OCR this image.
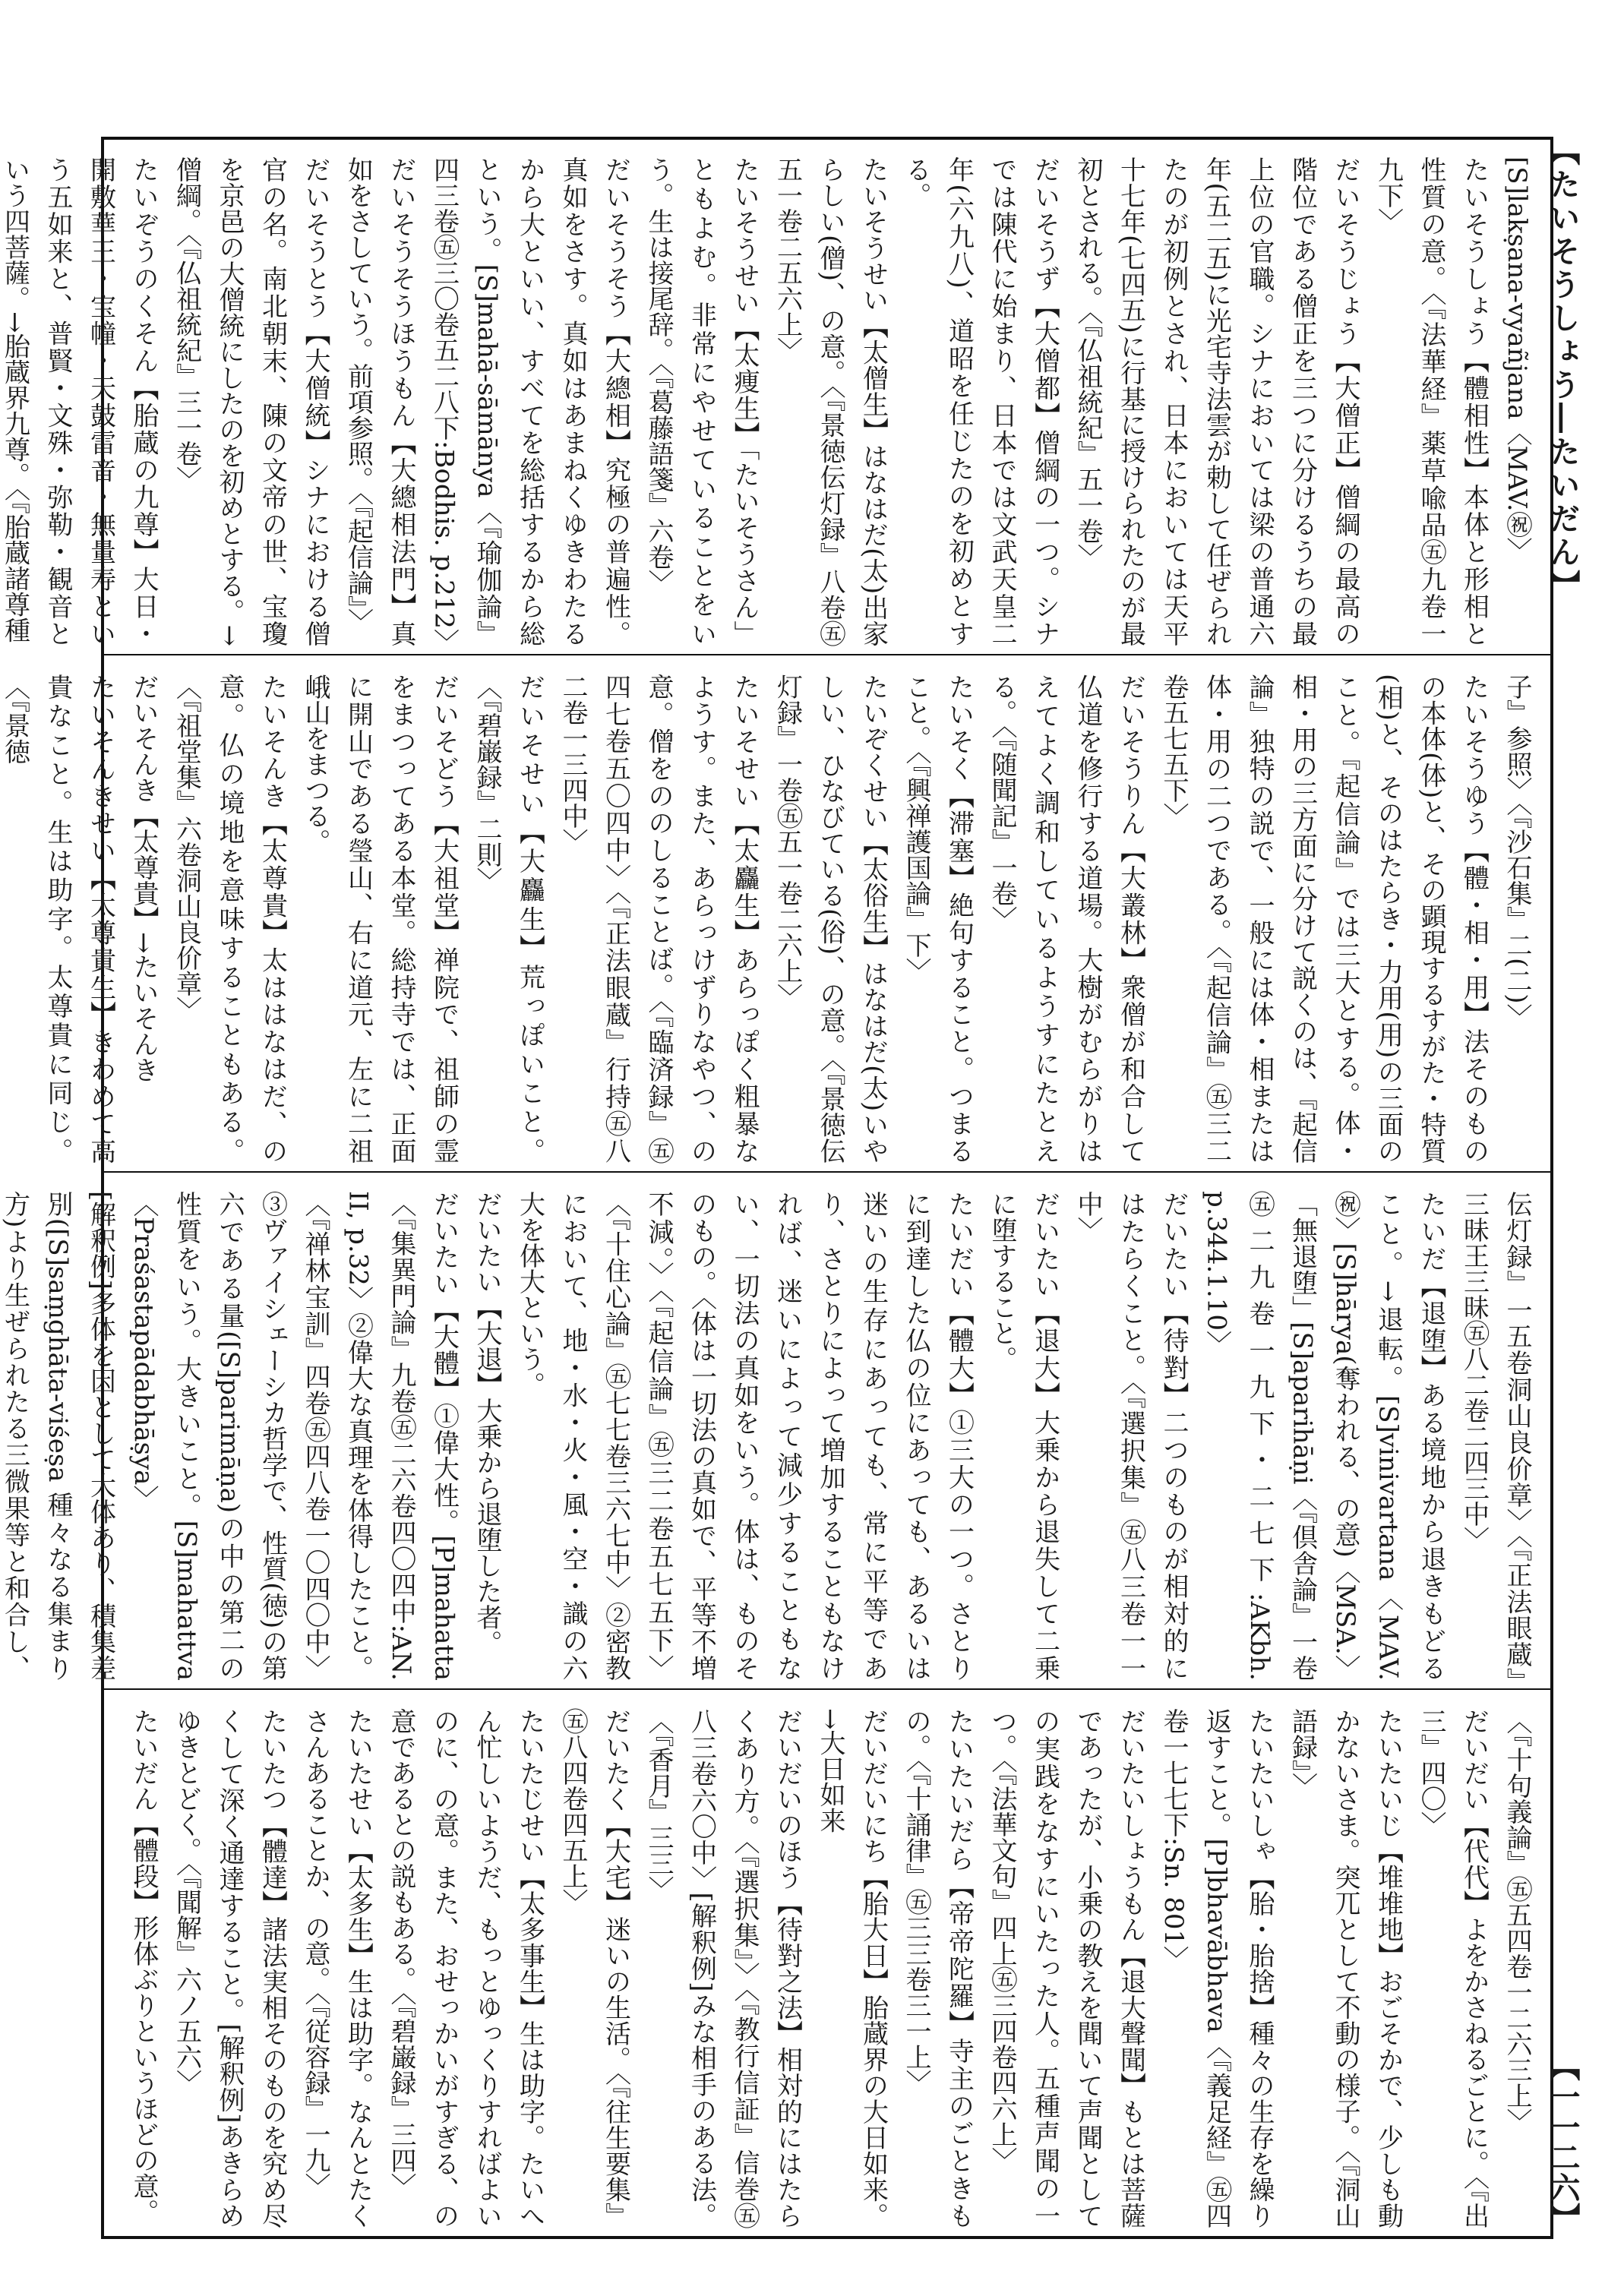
【たいそうしょう―たいだん】
[S]lakṣana-vyañjana〈MAV.㊗〉
たいそうしょう【體相性】本体と形相と性質の意。〈『法華経』薬草喩品㊄九卷一九下〉
だいそうじょう【大僧正】僧綱の最高の階位である僧正を三つに分けるうちの最上位の官職。シナにおいては梁の普通六年(五二五)に光宅寺法雲が勅して任ぜられたのが初例とされ、日本においては天平十七年(七四五)に行基に授けられたのが最初とされる。〈『仏祖統紀』五一卷〉
だいそうず【大僧都】僧綱の一つ。シナでは陳代に始まり、日本では文武天皇二年(六九八)、道昭を任じたのを初めとする。
たいそうせい【太僧生】はなはだ(太)出家らしい(僧)、の意。〈『景徳伝灯録』八卷㊄五一卷二五六上〉
たいそうせい【太痩生】「たいそうさん」ともよむ。非常にやせていることをいう。生は接尾辞。〈『葛藤語箋』六卷〉
だいそうそう【大總相】究極の普遍性。真如をさす。真如はあまねくゆきわたるから大といい、すべてを総括するから総という。[S]mahā-sāmānya〈『瑜伽論』四三卷㊄三〇卷五二八下:Bodhis. p.212〉
だいそうそうほうもん【大總相法門】真如をさしていう。前項参照。〈『起信論』〉
だいそうとう【大僧統】シナにおける僧官の名。南北朝末、陳の文帝の世、宝瓊を京邑の大僧統にしたのを初めとする。→僧綱。〈『仏祖統紀』三一卷〉
たいぞうのくそん【胎蔵の九尊】大日・開敷華王・宝幢・天鼓雷音・無量寿という五如来と、普賢・文殊・弥勒・観音という四菩薩。→胎蔵界九尊。〈『胎蔵諸尊種
子』参照〉〈『沙石集』二(二)〉
たいそうゆう【體・相・用】法そのものの本体(体)と、その顕現するすがた・特質(相)と、そのはたらき・力用(用)の三面のこと。『起信論』では三大とする。体・相・用の三方面に分けて説くのは、『起信論』独特の説で、一般には体・相または体・用の二つである。〈『起信論』㊄三二卷五七五下〉
だいそうりん【大叢林】衆僧が和合して仏道を修行する道場。大樹がむらがりはえてよく調和しているようすにたとえる。〈『随聞記』一卷〉
たいそく【滞塞】絶句すること。つまること。〈『興禅護国論』下〉
たいぞくせい【太俗生】はなはだ(太)いやしい、ひなびている(俗)、の意。〈『景徳伝灯録』一卷㊄五一卷二六上〉
たいそせい【太麤生】あらっぽく粗暴なようす。また、あらっけずりなやつ、の意。僧をののしることば。〈『臨済録』㊄四七卷五〇四中〉〈『正法眼蔵』行持㊄八二卷一三四中〉
だいそせい【大麤生】荒っぽいこと。〈『碧巌録』二則〉
だいそどう【大祖堂】禅院で、祖師の霊をまつってある本堂。総持寺では、正面に開山である瑩山、右に道元、左に二祖峨山をまつる。
たいそんき【太尊貴】太ははなはだ、の意。仏の境地を意味することもある。〈『祖堂集』六卷洞山良价章〉
だいそんき【太尊貴】→たいそんき
たいそんきせい【太尊貴生】きわめて高貴なこと。生は助字。太尊貴に同じ。〈『景徳
伝灯録』一五卷洞山良价章〉〈『正法眼蔵』三昧王三昧㊄八二卷二四三中〉
たいだ【退堕】ある境地から退きもどること。→退転。[S]vinivartana〈MAV.㊗〉[S]hārya(奪われる、の意)〈MSA.〉「無退堕」[S]aparihāṇi〈『倶舎論』一卷㊄二九卷一九下・二七下:AKbh. p.344.1.10〉
だいたい【待對】二つのものが相対的にはたらくこと。〈『選択集』㊄八三卷一一中〉
だいたい【退大】大乗から退失して二乗に堕すること。
たいだい【體大】①三大の一つ。さとりに到達した仏の位にあっても、あるいは迷いの生存にあっても、常に平等であり、さとりによって増加することもなければ、迷いによって減少することもない、一切法の真如をいう。体は、ものそのもの。〈体は一切法の真如で、平等不増不減。〉〈『起信論』㊄三二卷五七五下〉〈『十住心論』㊄七七卷三六七中〉②密教において、地・水・火・風・空・識の六大を体大という。
だいたい【大退】大乗から退堕した者。
だいたい【大體】①偉大性。[P]mahatta〈『集異門論』九卷㊄二六卷四〇四中:AN. II, p.32〉②偉大な真理を体得したこと。〈『禅林宝訓』四卷㊄四八卷一〇四〇中〉③ヴァイシェーシカ哲学で、性質(徳)の第六である量([S]parimāṇa)の中の第二の性質をいう。大きいこと。[S]mahattva〈Praśastapādabhāṣya〉
[解釈例]多体を因として大体あり、積集差別([S]saṃghāta-viśeṣa 種々なる集まり方)より生ぜられたる三微果等と和合し、
〈『十句義論』㊄五四卷一二六三上〉
だいだい【代代】よをかさねるごとに。〈『出三』四〇〉
たいたいじ【堆堆地】おごそかで、少しも動かないさま。突兀として不動の様子。〈『洞山語録』〉
たいたいしゃ【胎・胎捨】種々の生存を繰り返すこと。[P]bhavābhava〈『義足経』㊄四卷一七七下:Sn. 801〉
だいたいしょうもん【退大聲聞】もとは菩薩であったが、小乗の教えを聞いて声聞としての実践をなすにいたった人。五種声聞の一つ。〈『法華文句』四上㊄三四卷四六上〉
たいたいだら【帝帝陀羅】寺主のごときもの。〈『十誦律』㊄三三卷三一上〉
だいだいにち【胎大日】胎蔵界の大日如来。→大日如来
だいだいのほう【待對之法】相対的にはたらくあり方。〈『選択集』〉〈『教行信証』信巻㊄八三卷六〇中〉[解釈例]みな相手のある法。〈『香月』三三〉
だいたく【大宅】迷いの生活。〈『往生要集』㊄八四卷四五上〉
たいたじせい【太多事生】生は助字。たいへん忙しいようだ、もっとゆっくりすればよいのに、の意。また、おせっかいがすぎる、の意であるとの説もある。〈『碧巌録』三四〉
たいたせい【太多生】生は助字。なんとたくさんあることか、の意。〈『従容録』一九〉
たいたつ【體達】諸法実相そのものを究め尽くして深く通達すること。[解釈例]あきらめゆきとどく。〈『聞解』六ノ五六〉
たいだん【體段】形体ぶりというほどの意。	【一一二六】
